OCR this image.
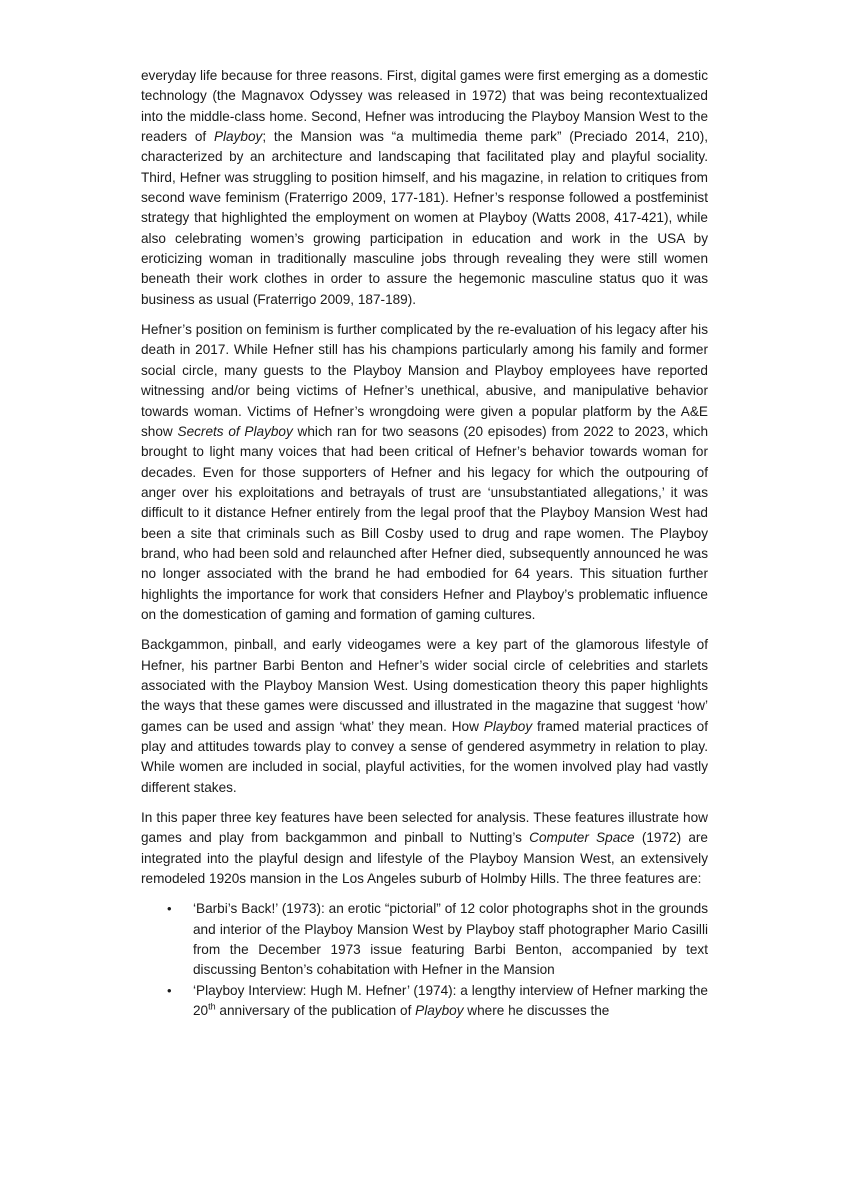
everyday life because for three reasons. First, digital games were first emerging as a domestic technology (the Magnavox Odyssey was released in 1972) that was being recontextualized into the middle-class home. Second, Hefner was introducing the Playboy Mansion West to the readers of Playboy; the Mansion was “a multimedia theme park” (Preciado 2014, 210), characterized by an architecture and landscaping that facilitated play and playful sociality. Third, Hefner was struggling to position himself, and his magazine, in relation to critiques from second wave feminism (Fraterrigo 2009, 177-181). Hefner’s response followed a postfeminist strategy that highlighted the employment on women at Playboy (Watts 2008, 417-421), while also celebrating women’s growing participation in education and work in the USA by eroticizing woman in traditionally masculine jobs through revealing they were still women beneath their work clothes in order to assure the hegemonic masculine status quo it was business as usual (Fraterrigo 2009, 187-189).

Hefner’s position on feminism is further complicated by the re-evaluation of his legacy after his death in 2017. While Hefner still has his champions particularly among his family and former social circle, many guests to the Playboy Mansion and Playboy employees have reported witnessing and/or being victims of Hefner’s unethical, abusive, and manipulative behavior towards woman. Victims of Hefner’s wrongdoing were given a popular platform by the A&E show Secrets of Playboy which ran for two seasons (20 episodes) from 2022 to 2023, which brought to light many voices that had been critical of Hefner’s behavior towards woman for decades. Even for those supporters of Hefner and his legacy for which the outpouring of anger over his exploitations and betrayals of trust are ‘unsubstantiated allegations,’ it was difficult to it distance Hefner entirely from the legal proof that the Playboy Mansion West had been a site that criminals such as Bill Cosby used to drug and rape women. The Playboy brand, who had been sold and relaunched after Hefner died, subsequently announced he was no longer associated with the brand he had embodied for 64 years. This situation further highlights the importance for work that considers Hefner and Playboy’s problematic influence on the domestication of gaming and formation of gaming cultures.

Backgammon, pinball, and early videogames were a key part of the glamorous lifestyle of Hefner, his partner Barbi Benton and Hefner’s wider social circle of celebrities and starlets associated with the Playboy Mansion West. Using domestication theory this paper highlights the ways that these games were discussed and illustrated in the magazine that suggest ‘how’ games can be used and assign ‘what’ they mean. How Playboy framed material practices of play and attitudes towards play to convey a sense of gendered asymmetry in relation to play. While women are included in social, playful activities, for the women involved play had vastly different stakes.

In this paper three key features have been selected for analysis. These features illustrate how games and play from backgammon and pinball to Nutting’s Computer Space (1972) are integrated into the playful design and lifestyle of the Playboy Mansion West, an extensively remodeled 1920s mansion in the Los Angeles suburb of Holmby Hills. The three features are:

• ‘Barbi’s Back!’ (1973): an erotic “pictorial” of 12 color photographs shot in the grounds and interior of the Playboy Mansion West by Playboy staff photographer Mario Casilli from the December 1973 issue featuring Barbi Benton, accompanied by text discussing Benton’s cohabitation with Hefner in the Mansion
• ‘Playboy Interview: Hugh M. Hefner’ (1974): a lengthy interview of Hefner marking the 20th anniversary of the publication of Playboy where he discusses the
